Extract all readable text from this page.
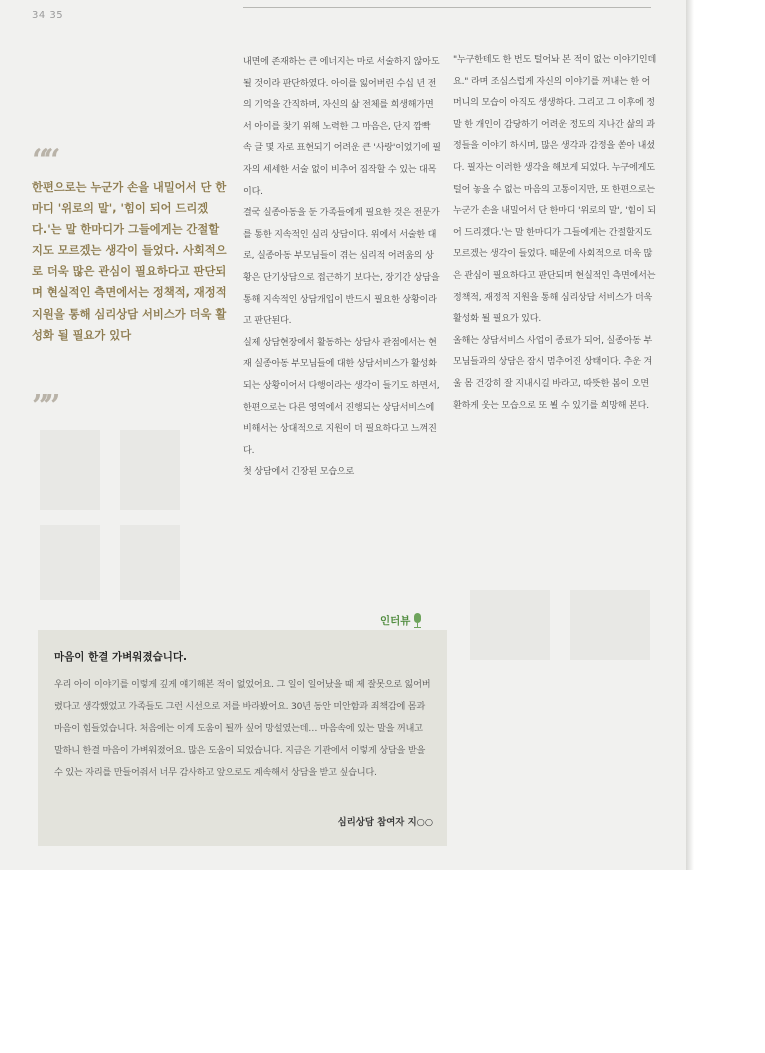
34 35
““

한편으로는 누군가 손을 내밀어서 단 한마디 '위로의 말', '힘이 되어 드리겠다.'는 말 한마디가 그들에게는 간절할지도 모르겠는 생각이 들었다. 사회적으로 더욱 많은 관심이 필요하다고 판단되며 현실적인 측면에서는 정책적, 재정적 지원을 통해 심리상담 서비스가 더욱 활성화 될 필요가 있다

””

내면에 존재하는 큰 에너지는 마로 서술하지 않아도 될 것이라 판단하였다. 아이를 잃어버린 수십 년 전의 기억을 간직하며, 자신의 삶 전체를 희생해가면서 아이를 찾기 위해 노력한 그 마음은, 단지 깜빡 속 글 몇 자로 표현되기 어려운 큰 '사랑'이었기에 필자의 세세한 서술 없이 비추어 짐작할 수 있는 대목이다.

결국 실종아동을 둔 가족들에게 필요한 것은 전문가를 통한 지속적인 심리 상담이다. 위에서 서술한 대로, 실종아동 부모님들이 겪는 심리적 어려움의 상황은 단기상담으로 접근하기 보다는, 장기간 상담을 통해 지속적인 상담개입이 반드시 필요한 상황이라고 판단된다.

실제 상담현장에서 활동하는 상담사 관점에서는 현재 실종아동 부모님들에 대한 상담서비스가 활성화 되는 상황이어서 다행이라는 생각이 들기도 하면서, 한편으로는 다른 영역에서 진행되는 상담서비스에 비해서는 상대적으로 지원이 더 필요하다고 느껴진다.

첫 상담에서 긴장된 모습으로

"누구한테도 한 번도 털어놔 본 적이 없는 이야기인데요." 라며 조심스럽게 자신의 이야기를 꺼내는 한 어머니의 모습이 아직도 생생하다. 그리고 그 이후에 정말 한 개인이 감당하기 어려운 정도의 지나간 삶의 과정들을 이야기 하시며, 많은 생각과 감정을 쏟아 내셨다. 필자는 이러한 생각을 해보게 되었다. 누구에게도 털어 놓을 수 없는 마음의 고통이지만, 또 한편으로는 누군가 손을 내밀어서 단 한마디 '위로의 말', '힘이 되어 드리겠다.'는 말 한마디가 그들에게는 간절할지도 모르겠는 생각이 들었다. 때문에 사회적으로 더욱 많은 관심이 필요하다고 판단되며 현실적인 측면에서는 정책적, 재정적 지원을 통해 심리상담 서비스가 더욱 활성화 될 필요가 있다.

올해는 상담서비스 사업이 종료가 되어, 실종아동 부모님들과의 상담은 잠시 멈추어진 상태이다. 추운 겨울 몸 건강히 잘 지내시길 바라고, 따뜻한 봄이 오면 환하게 웃는 모습으로 또 뵐 수 있기를 희망해 본다.

인터뷰

마음이 한결 가벼워졌습니다.

우리 아이 이야기를 이렇게 깊게 얘기해본 적이 없었어요. 그 일이 일어났을 때 제 잘못으로 잃어버렸다고 생각했었고 가족들도 그런 시선으로 저를 바라봤어요. 30년 동안 미안함과 죄책감에 몸과 마음이 힘들었습니다. 처음에는 이게 도움이 될까 싶어 망설였는데… 마음속에 있는 말을 꺼내고 말하니 한결 마음이 가벼워졌어요. 많은 도움이 되었습니다. 지금은 기관에서 이렇게 상담을 받을 수 있는 자리를 만들어줘서 너무 감사하고 앞으로도 계속해서 상담을 받고 싶습니다.

심리상담 참여자 지○○
